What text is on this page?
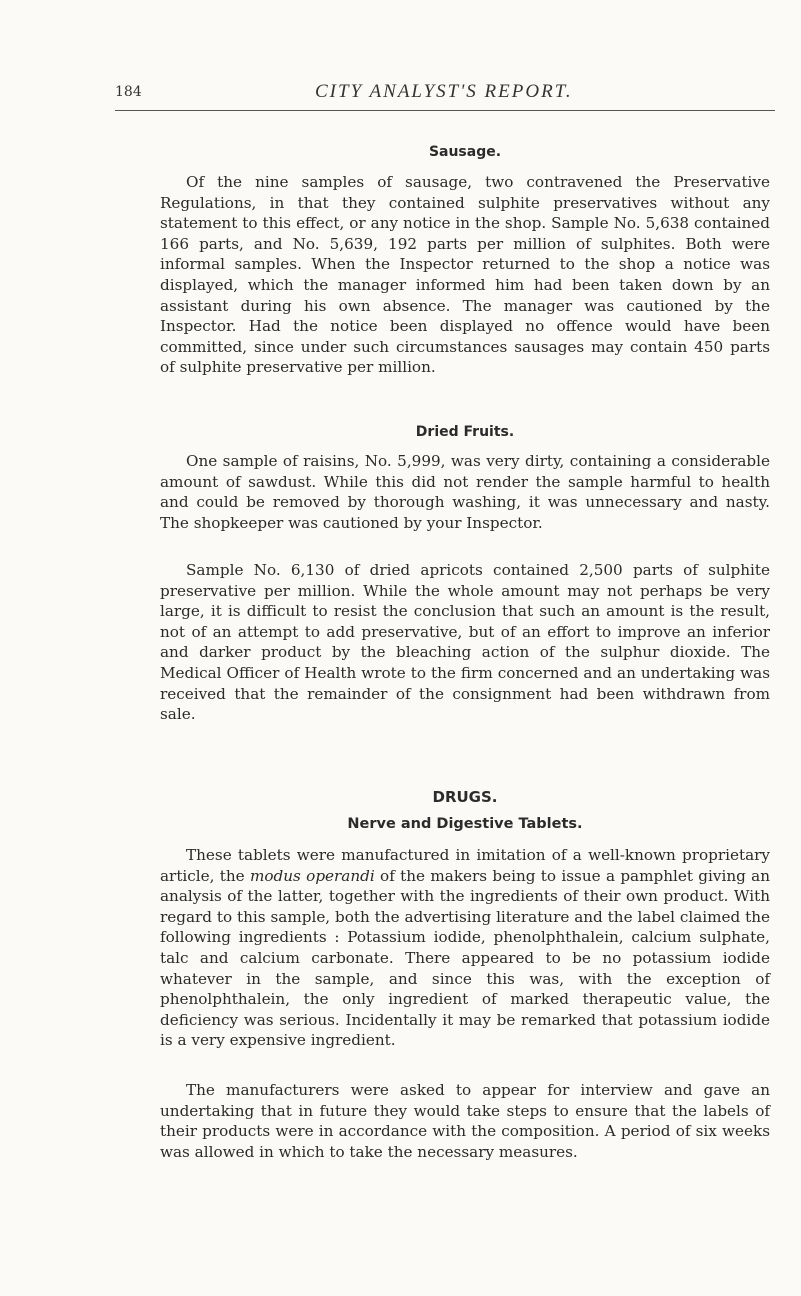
184	CITY ANALYST'S REPORT.
Sausage.

Of the nine samples of sausage, two contravened the Preservative Regulations, in that they contained sulphite preservatives without any statement to this effect, or any notice in the shop. Sample No. 5,638 contained 166 parts, and No. 5,639, 192 parts per million of sulphites. Both were informal samples. When the Inspector returned to the shop a notice was displayed, which the manager informed him had been taken down by an assistant during his own absence. The manager was cautioned by the Inspector. Had the notice been displayed no offence would have been committed, since under such circumstances sausages may contain 450 parts of sulphite preservative per million.

Dried Fruits.

One sample of raisins, No. 5,999, was very dirty, containing a considerable amount of sawdust. While this did not render the sample harmful to health and could be removed by thorough washing, it was unnecessary and nasty. The shopkeeper was cautioned by your Inspector.

Sample No. 6,130 of dried apricots contained 2,500 parts of sulphite preservative per million. While the whole amount may not perhaps be very large, it is difficult to resist the conclusion that such an amount is the result, not of an attempt to add preservative, but of an effort to improve an inferior and darker product by the bleaching action of the sulphur dioxide. The Medical Officer of Health wrote to the firm concerned and an undertaking was received that the remainder of the consignment had been withdrawn from sale.

DRUGS.
Nerve and Digestive Tablets.

These tablets were manufactured in imitation of a well-known proprietary article, the modus operandi of the makers being to issue a pamphlet giving an analysis of the latter, together with the ingredients of their own product. With regard to this sample, both the advertising literature and the label claimed the following ingredients : Potassium iodide, phenolphthalein, calcium sulphate, talc and calcium carbonate. There appeared to be no potassium iodide whatever in the sample, and since this was, with the exception of phenolphthalein, the only ingredient of marked therapeutic value, the deficiency was serious. Incidentally it may be remarked that potassium iodide is a very expensive ingredient.

The manufacturers were asked to appear for interview and gave an undertaking that in future they would take steps to ensure that the labels of their products were in accordance with the composition. A period of six weeks was allowed in which to take the necessary measures.
